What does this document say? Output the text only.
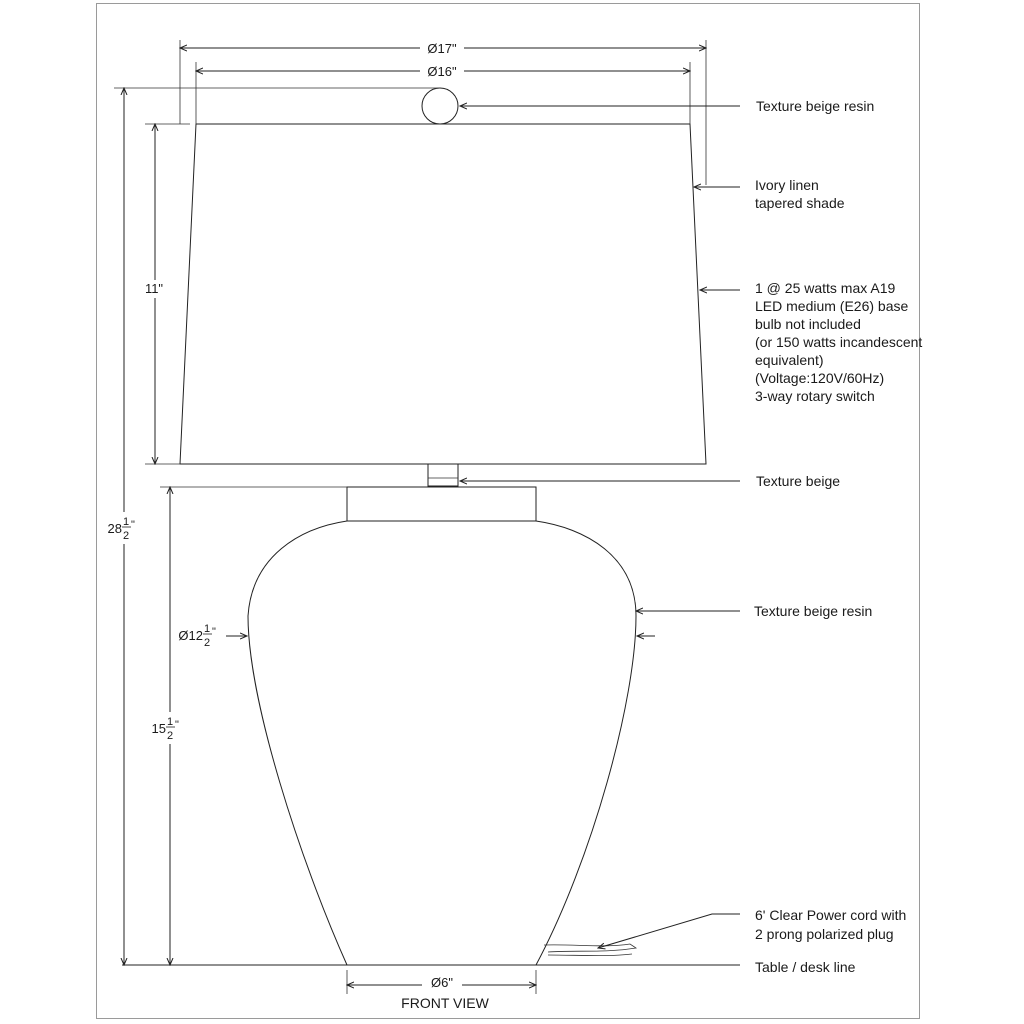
Ø17"
Ø16"
28 1
2
"
11"
15 1
2
"
Ø12 1
2
"
Ø6"
FRONT VIEW
Texture beige resin
Ivory linen
tapered shade
1 @ 25 watts max A19
LED medium (E26) base
bulb not included
(or 150 watts incandescent
equivalent)
(Voltage:120V/60Hz)
3-way rotary switch
Texture beige
Texture beige resin
6' Clear Power cord with
2 prong polarized plug
Table / desk line
